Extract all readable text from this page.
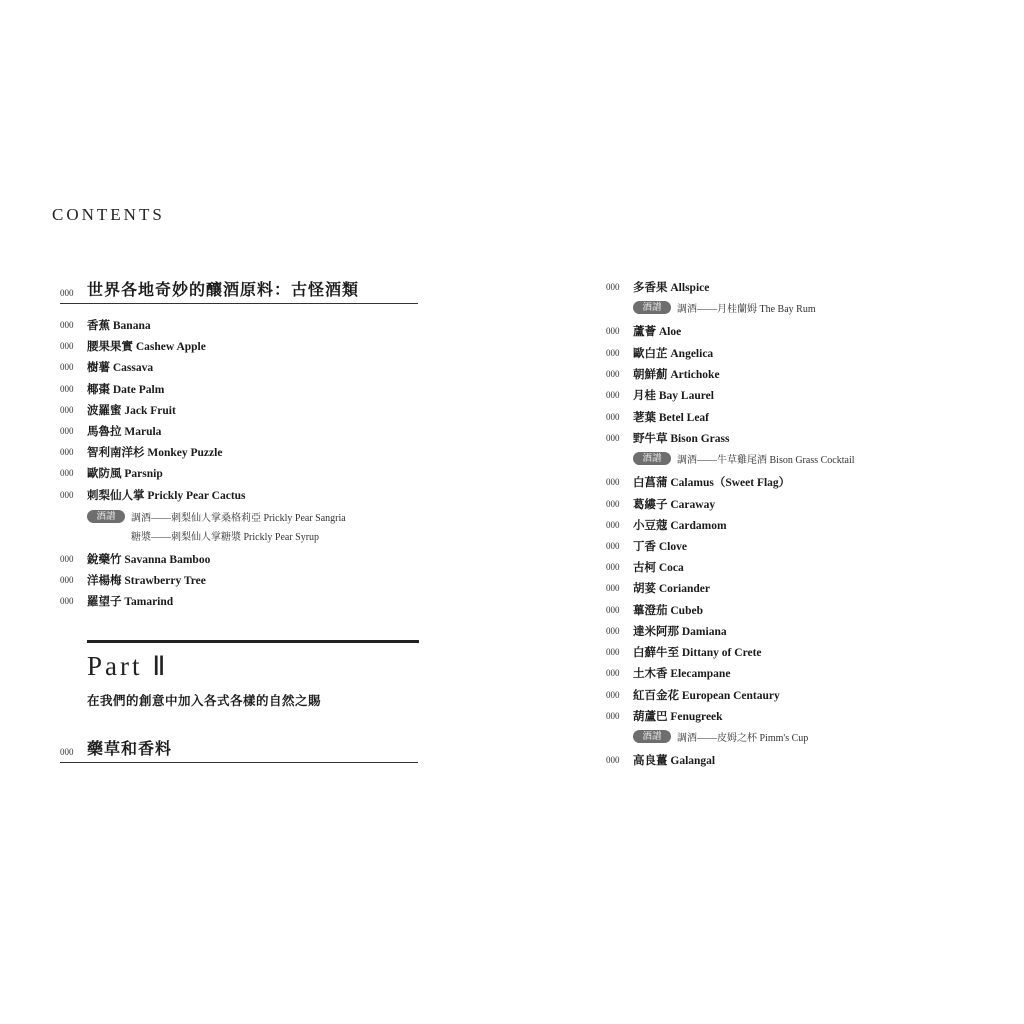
CONTENTS
000 世界各地奇妙的釀酒原料：古怪酒類
000	香蕉 Banana
000	腰果果實 Cashew Apple
000	樹薯 Cassava
000	椰棗 Date Palm
000	波羅蜜 Jack Fruit
000	馬魯拉 Marula
000	智利南洋杉 Monkey Puzzle
000	歐防風 Parsnip
000	刺梨仙人掌 Prickly Pear Cactus
酒譜	調酒——刺梨仙人掌桑格莉亞 Prickly Pear Sangria
糖漿——刺梨仙人掌糖漿 Prickly Pear Syrup
000	銳藥竹 Savanna Bamboo
000	洋楊梅 Strawberry Tree
000	羅望子 Tamarind
Part Ⅱ
在我們的創意中加入各式各樣的自然之賜
000 藥草和香料
000	多香果 Allspice
酒譜	調酒——月桂蘭姆 The Bay Rum
000	蘆薈 Aloe
000	歐白芷 Angelica
000	朝鮮薊 Artichoke
000	月桂 Bay Laurel
000	荖葉 Betel Leaf
000	野牛草 Bison Grass
酒譜	調酒——牛草雞尾酒 Bison Grass Cocktail
000	白菖蒲 Calamus（Sweet Flag）
000	葛縷子 Caraway
000	小豆蔻 Cardamom
000	丁香 Clove
000	古柯 Coca
000	胡荽 Coriander
000	蓽澄茄 Cubeb
000	達米阿那 Damiana
000	白蘚牛至 Dittany of Crete
000	土木香 Elecampane
000	紅百金花 European Centaury
000	葫蘆巴 Fenugreek
酒譜	調酒——皮姆之杯 Pimm's Cup
000	高良薑 Galangal
